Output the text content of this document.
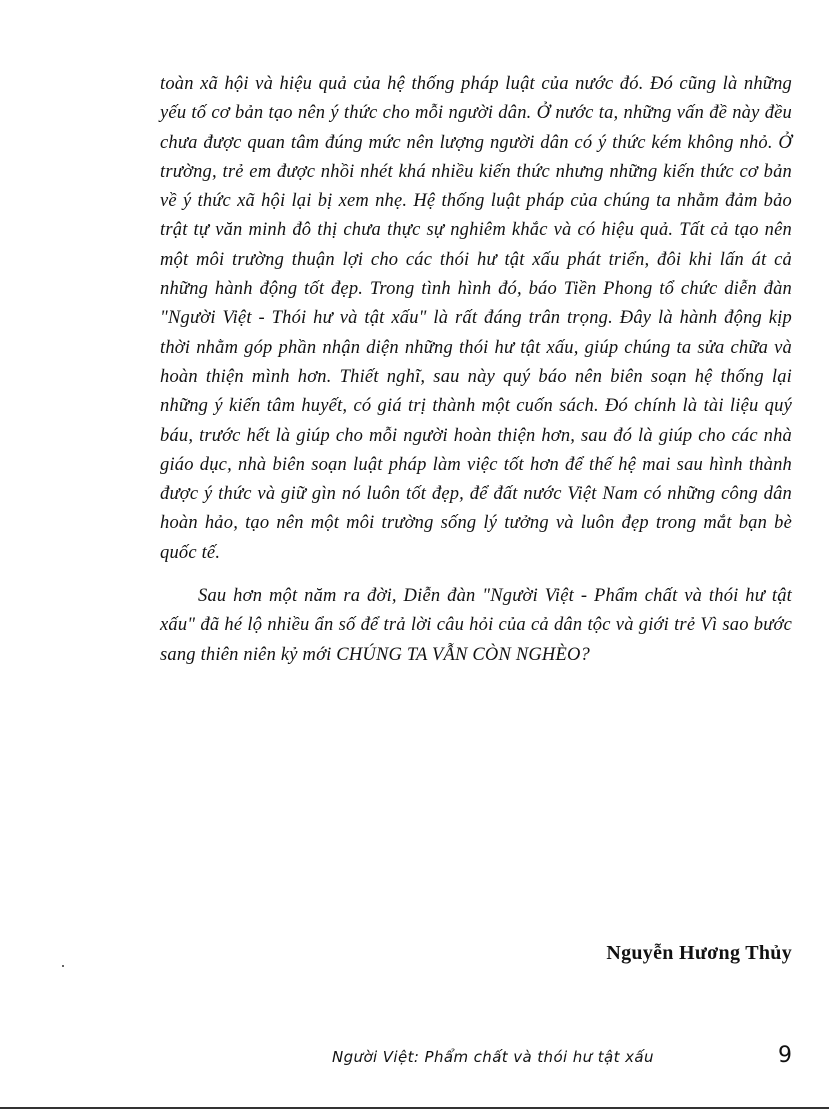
toàn xã hội và hiệu quả của hệ thống pháp luật của nước đó. Đó cũng là những yếu tố cơ bản tạo nên ý thức cho mỗi người dân. Ở nước ta, những vấn đề này đều chưa được quan tâm đúng mức nên lượng người dân có ý thức kém không nhỏ. Ở trường, trẻ em được nhồi nhét khá nhiều kiến thức nhưng những kiến thức cơ bản về ý thức xã hội lại bị xem nhẹ. Hệ thống luật pháp của chúng ta nhằm đảm bảo trật tự văn minh đô thị chưa thực sự nghiêm khắc và có hiệu quả. Tất cả tạo nên một môi trường thuận lợi cho các thói hư tật xấu phát triển, đôi khi lấn át cả những hành động tốt đẹp. Trong tình hình đó, báo Tiền Phong tổ chức diễn đàn "Người Việt - Thói hư và tật xấu" là rất đáng trân trọng. Đây là hành động kịp thời nhằm góp phần nhận diện những thói hư tật xấu, giúp chúng ta sửa chữa và hoàn thiện mình hơn. Thiết nghĩ, sau này quý báo nên biên soạn hệ thống lại những ý kiến tâm huyết, có giá trị thành một cuốn sách. Đó chính là tài liệu quý báu, trước hết là giúp cho mỗi người hoàn thiện hơn, sau đó là giúp cho các nhà giáo dục, nhà biên soạn luật pháp làm việc tốt hơn để thế hệ mai sau hình thành được ý thức và giữ gìn nó luôn tốt đẹp, để đất nước Việt Nam có những công dân hoàn hảo, tạo nên một môi trường sống lý tưởng và luôn đẹp trong mắt bạn bè quốc tế.

Sau hơn một năm ra đời, Diễn đàn "Người Việt - Phẩm chất và thói hư tật xấu" đã hé lộ nhiều ẩn số để trả lời câu hỏi của cả dân tộc và giới trẻ Vì sao bước sang thiên niên kỷ mới CHÚNG TA VẪN CÒN NGHÈO?

Nguyễn Hương Thủy
Người Việt: Phẩm chất và thói hư tật xấu	9
